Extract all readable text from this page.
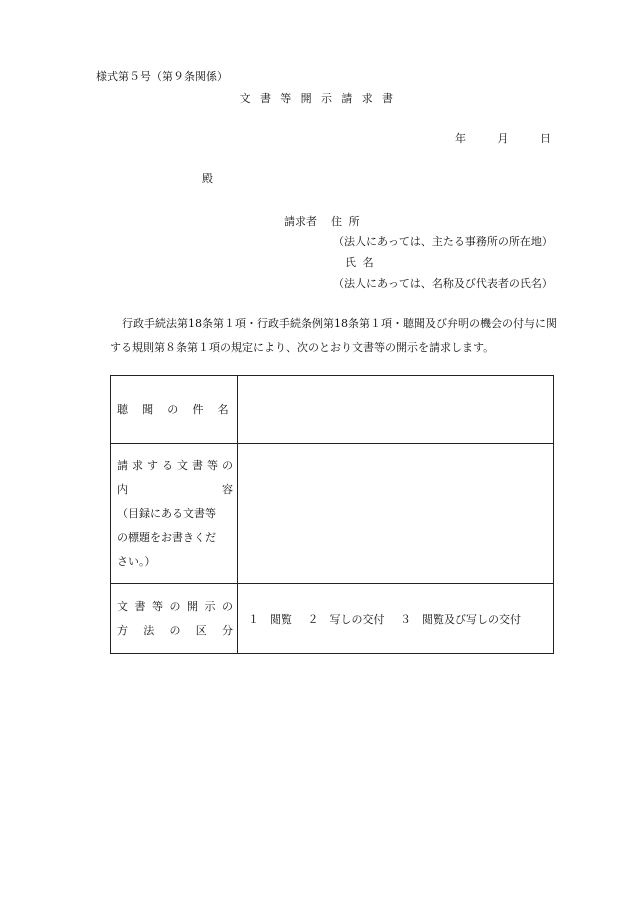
様式第５号（第９条関係）
文書等開示請求書
年	月	日
殿
請求者 住所
（法人にあっては、主たる事務所の所在地）
氏名
（法人にあっては、名称及び代表者の氏名）
行政手続法第18条第１項・行政手続条例第18条第１項・聴聞及び弁明の機会の付与に関する規則第８条第１項の規定により、次のとおり文書等の開示を請求します。
聴聞の件名	

請求する文書等の
内　　　　　　容
（目録にある文書等
の標題をお書きくだ
さい。）	

文書等の開示の
方法の区分	１　閲覧 ２　写しの交付 ３　閲覧及び写しの交付
